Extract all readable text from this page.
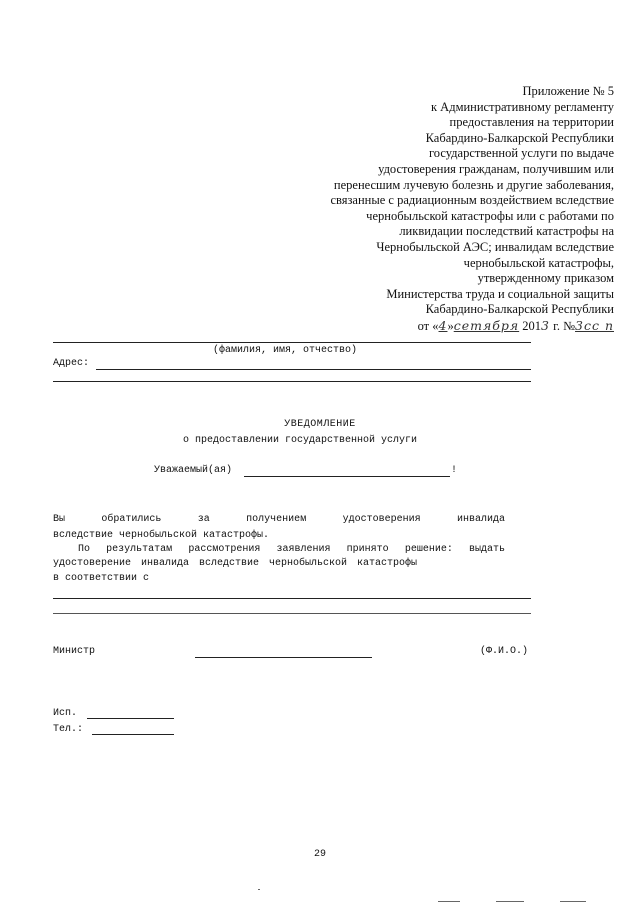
Приложение № 5
к Административному регламенту
предоставления на территории
Кабардино-Балкарской Республики
государственной услуги по выдаче
удостоверения гражданам, получившим или
перенесшим лучевую болезнь и другие заболевания,
связанные с радиационным воздействием вследствие
чернобыльской катастрофы или с работами по
ликвидации последствий катастрофы на
Чернобыльской АЭС; инвалидам вследствие
чернобыльской катастрофы,
утвержденному приказом
Министерства труда и социальной защиты
Кабардино-Балкарской Республики
от «4»ceтября 2013 г. №3cc п
(фамилия, имя, отчество)
Адрес:
УВЕДОМЛЕНИЕ
о предоставлении государственной услуги
Уважаемый(ая)	!
Вы обратились за получением удостоверения инвалида
вследствие чернобыльской катастрофы.
По результатам рассмотрения заявления принято решение: выдать
удостоверение инвалида вследствие чернобыльской катастрофы
в соответствии с
Министр	(Ф.И.О.)
Исп.
Тел.:
29
